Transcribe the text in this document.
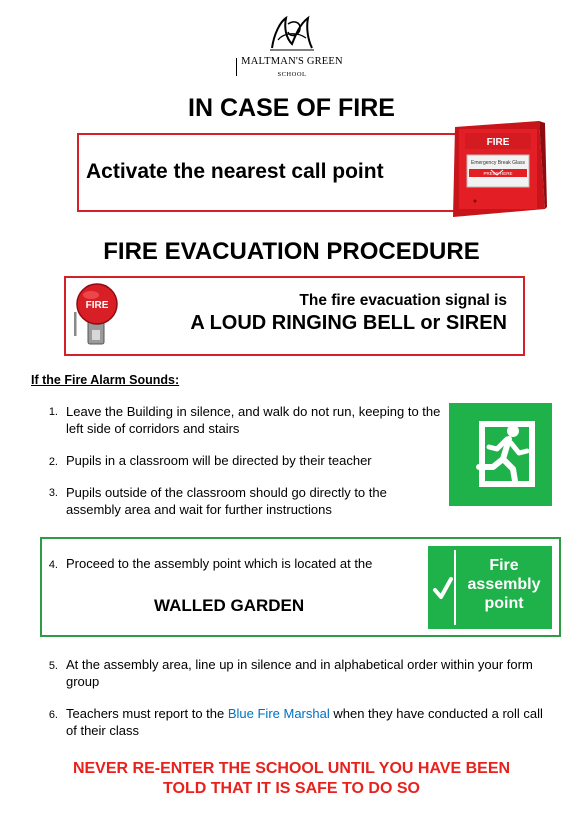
MALTMAN'S GREEN
SCHOOL
IN CASE OF FIRE
Activate the nearest call point
FIRE
Emergency Break Glass
PRESS HERE
FIRE EVACUATION PROCEDURE
FIRE	The fire evacuation signal is
A LOUD RINGING BELL or SIREN
If the Fire Alarm Sounds:
1. Leave the Building in silence, and walk do not run, keeping to the left side of corridors and stairs
2. Pupils in a classroom will be directed by their teacher
3. Pupils outside of the classroom should go directly to the assembly area and wait for further instructions
4. Proceed to the assembly point which is located at the
WALLED GARDEN
Fire
assembly
point
5. At the assembly area, line up in silence and in alphabetical order within your form group
6. Teachers must report to the Blue Fire Marshal when they have conducted a roll call of their class
NEVER RE-ENTER THE SCHOOL UNTIL YOU HAVE BEEN
TOLD THAT IT IS SAFE TO DO SO
